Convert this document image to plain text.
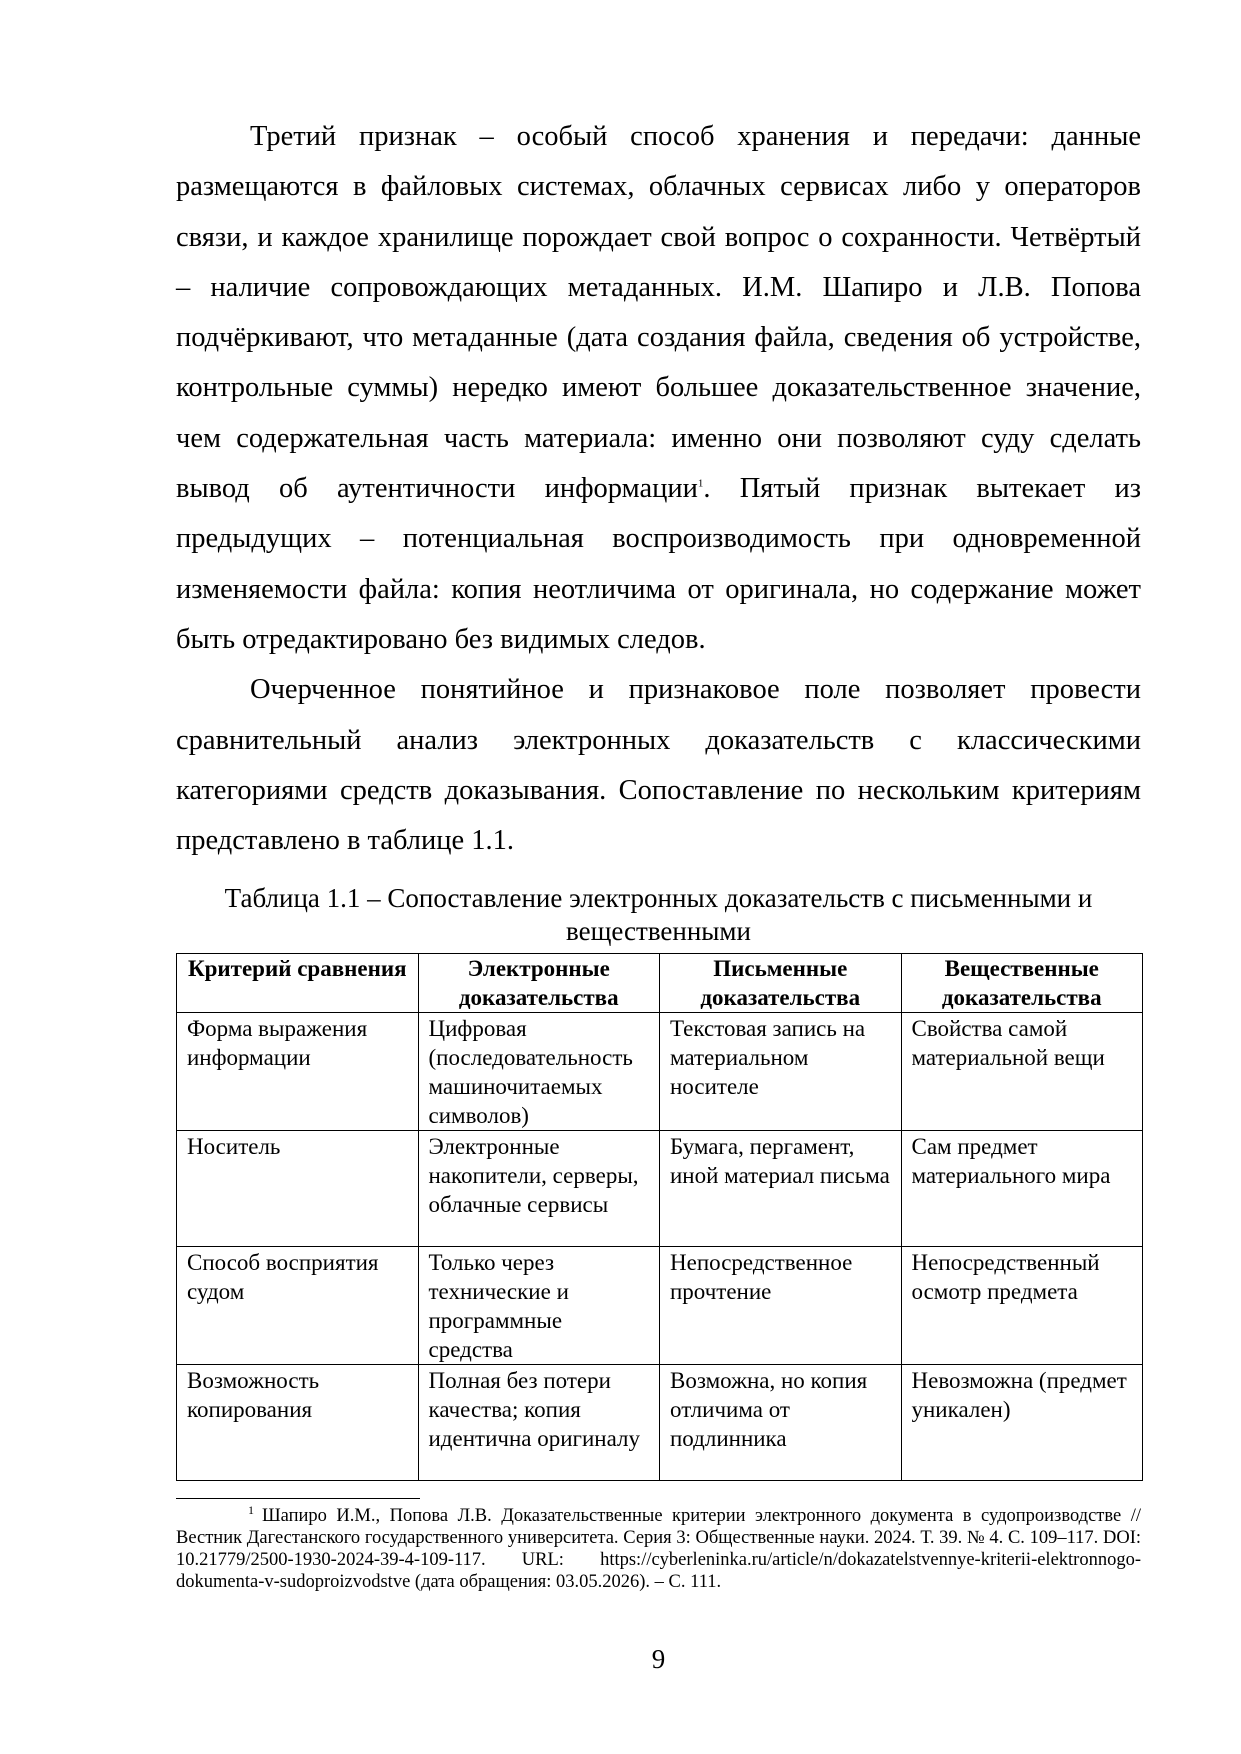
Третий признак – особый способ хранения и передачи: данные размещаются в файловых системах, облачных сервисах либо у операторов связи, и каждое хранилище порождает свой вопрос о сохранности. Четвёртый – наличие сопровождающих метаданных. И.М. Шапиро и Л.В. Попова подчёркивают, что метаданные (дата создания файла, сведения об устройстве, контрольные суммы) нередко имеют большее доказательственное значение, чем содержательная часть материала: именно они позволяют суду сделать вывод об аутентичности информации$^1$. Пятый признак вытекает из предыдущих – потенциальная воспроизводимость при одновременной изменяемости файла: копия неотличима от оригинала, но содержание может быть отредактировано без видимых следов.

Очерченное понятийное и признаковое поле позволяет провести сравнительный анализ электронных доказательств с классическими категориями средств доказывания. Сопоставление по нескольким критериям представлено в таблице 1.1.

Таблица 1.1 – Сопоставление электронных доказательств с письменными и вещественными
Критерий сравнения	Электронные доказательства	Письменные доказательства	Вещественные доказательства
Форма выражения информации	Цифровая (последовательность машиночитаемых символов)	Текстовая запись на материальном носителе	Свойства самой материальной вещи
Носитель	Электронные накопители, серверы, облачные сервисы	Бумага, пергамент, иной материал письма	Сам предмет материального мира
Способ восприятия судом	Только через технические и программные средства	Непосредственное прочтение	Непосредственный осмотр предмета
Возможность копирования	Полная без потери качества; копия идентична оригиналу	Возможна, но копия отличима от подлинника	Невозможна (предмет уникален)
$^1$ Шапиро И.М., Попова Л.В. Доказательственные критерии электронного документа в судопроизводстве // Вестник Дагестанского государственного университета. Серия 3: Общественные науки. 2024. Т. 39. № 4. С. 109–117. DOI: 10.21779/2500-1930-2024-39-4-109-117. URL: https://cyberleninka.ru/article/n/dokazatelstvennye-kriterii-elektronnogo-dokumenta-v-sudoproizvodstve (дата обращения: 03.05.2026). – С. 111.
9
